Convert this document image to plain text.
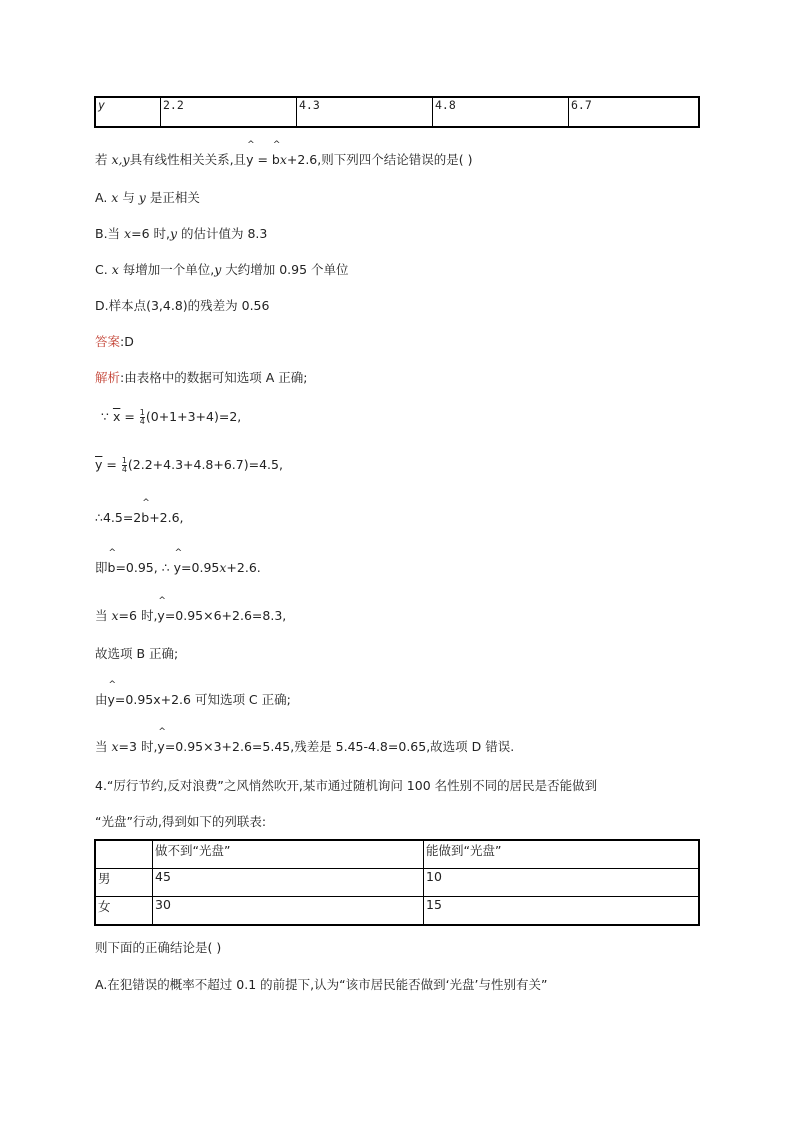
y	2.2	4.3	4.8	6.7
若 x,y具有线性相关关系,且^ y = ^ bx+2.6,则下列四个结论错误的是( )
A. x 与 y 是正相关
B.当 x=6 时,y 的估计值为 8.3
C. x 每增加一个单位,y 大约增加 0.95 个单位
D.样本点(3,4.8)的残差为 0.56
答案:D
解析:由表格中的数据可知选项 A 正确;
∵ $\overline{x} = \frac{1}{4} (0+1+3+4)=2$,
$\overline{y} = \frac{1}{4} (2.2+4.3+4.8+6.7)=4.5$,
∴4.5=2^ b+2.6,
即^ b=0.95, ∴ ^ y=0.95x+2.6.
当 x=6 时,^ y=0.95×6+2.6=8.3,
故选项 B 正确;
由^ y=0.95x+2.6 可知选项 C 正确;
当 x=3 时,^ y=0.95×3+2.6=5.45,残差是 5.45-4.8=0.65,故选项 D 错误.
4.“厉行节约,反对浪费”之风悄然吹开,某市通过随机询问 100 名性别不同的居民是否能做到
“光盘”行动,得到如下的列联表:
	做不到“光盘”	能做到“光盘”
男	45	10
女	30	15
则下面的正确结论是( )
A.在犯错误的概率不超过 0.1 的前提下,认为“该市居民能否做到‘光盘’与性别有关”
